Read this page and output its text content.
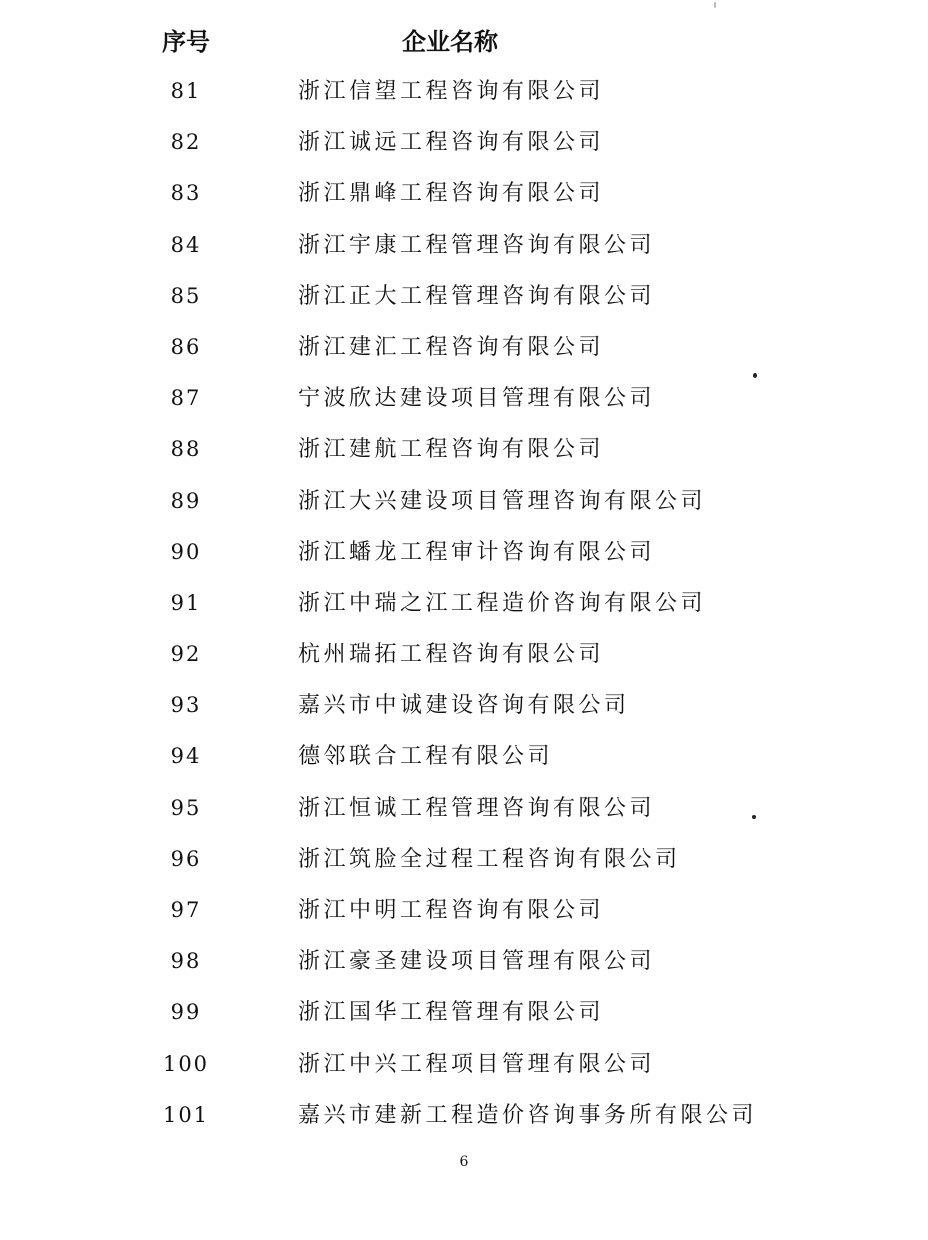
序号	企业名称
81	浙江信望工程咨询有限公司
82	浙江诚远工程咨询有限公司
83	浙江鼎峰工程咨询有限公司
84	浙江宇康工程管理咨询有限公司
85	浙江正大工程管理咨询有限公司
86	浙江建汇工程咨询有限公司
87	宁波欣达建设项目管理有限公司
88	浙江建航工程咨询有限公司
89	浙江大兴建设项目管理咨询有限公司
90	浙江蟠龙工程审计咨询有限公司
91	浙江中瑞之江工程造价咨询有限公司
92	杭州瑞拓工程咨询有限公司
93	嘉兴市中诚建设咨询有限公司
94	德邻联合工程有限公司
95	浙江恒诚工程管理咨询有限公司
96	浙江筑脸全过程工程咨询有限公司
97	浙江中明工程咨询有限公司
98	浙江豪圣建设项目管理有限公司
99	浙江国华工程管理有限公司
100	浙江中兴工程项目管理有限公司
101	嘉兴市建新工程造价咨询事务所有限公司
6
